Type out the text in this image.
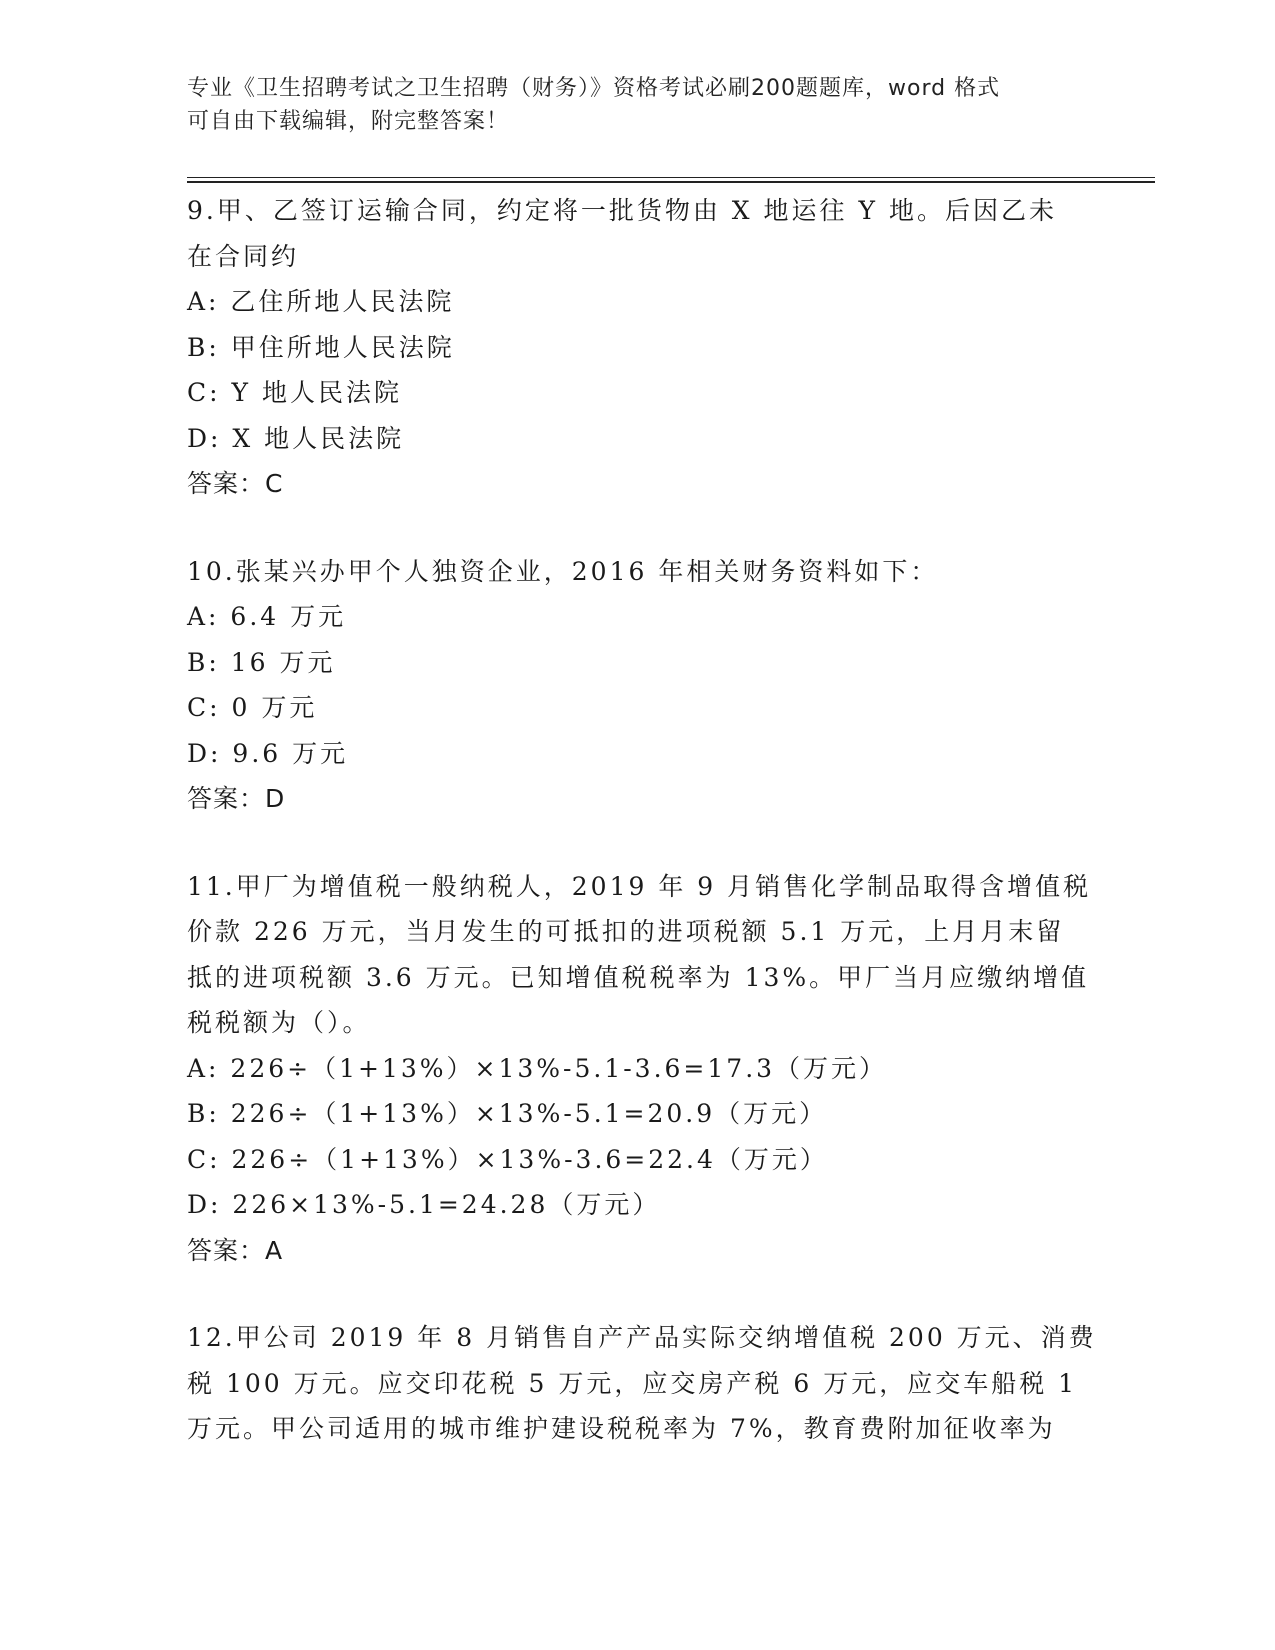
专业《卫生招聘考试之卫生招聘（财务）》资格考试必刷200题题库，word 格式
可自由下载编辑，附完整答案！
9.甲、乙签订运输合同，约定将一批货物由 X 地运往 Y 地。后因乙未
在合同约
A: 乙住所地人民法院
B: 甲住所地人民法院
C: Y 地人民法院
D: X 地人民法院
答案：C
10.张某兴办甲个人独资企业，2016 年相关财务资料如下：
A: 6.4 万元
B: 16 万元
C: 0 万元
D: 9.6 万元
答案：D
11.甲厂为增值税一般纳税人，2019 年 9 月销售化学制品取得含增值税
价款 226 万元，当月发生的可抵扣的进项税额 5.1 万元，上月月末留
抵的进项税额 3.6 万元。已知增值税税率为 13%。甲厂当月应缴纳增值
税税额为（）。
A: 226÷（1+13%）×13%-5.1-3.6=17.3（万元）
B: 226÷（1+13%）×13%-5.1=20.9（万元）
C: 226÷（1+13%）×13%-3.6=22.4（万元）
D: 226×13%-5.1=24.28（万元）
答案：A
12.甲公司 2019 年 8 月销售自产产品实际交纳增值税 200 万元、消费
税 100 万元。应交印花税 5 万元，应交房产税 6 万元，应交车船税 1
万元。甲公司适用的城市维护建设税税率为 7%，教育费附加征收率为
